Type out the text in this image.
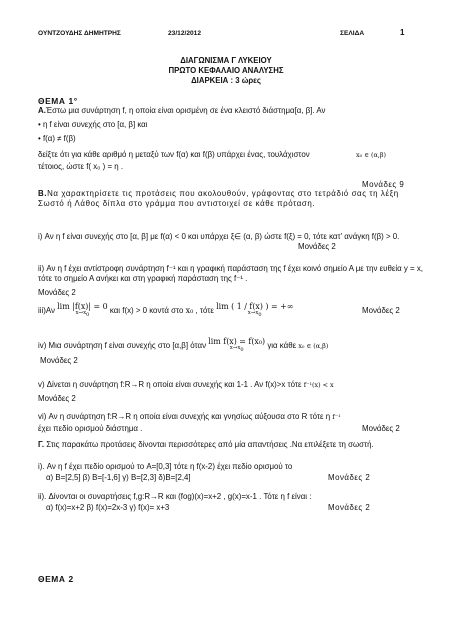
ΟΥΝΤΖΟΥΔΗΣ ΔΗΜΗΤΡΗΣ	23/12/2012	ΣΕΛΙΔΑ	1
ΔΙΑΓΩΝΙΣΜΑ Γ ΛΥΚΕΙΟΥ
ΠΡΩΤΟ ΚΕΦΑΛΑΙΟ ΑΝΑΛΥΣΗΣ
ΔΙΑΡΚΕΙΑ : 3 ώρες
ΘΕΜΑ 1°
Α.Έστω μια συνάρτηση f, η οποία είναι ορισμένη σε ένα κλειστό διάστημα[α, β]. Αν
• η f είναι συνεχής στο [α, β] και
• f(α) ≠ f(β)
δείξτε ότι για κάθε αριθμό η μεταξύ των f(α) και f(β) υπάρχει ένας, τουλάχιστον	x₀ ∈ (α,β)
τέτοιος, ώστε f( x₀ ) = η .
Μονάδες 9
Β.Να χαρακτηρίσετε τις προτάσεις που ακολουθούν, γράφοντας στο τετράδιό σας τη λέξη Σωστό ή Λάθος δίπλα στο γράμμα που αντιστοιχεί σε κάθε πρόταση.
i) Αν η f είναι συνεχής στο [α, β] με f(α) < 0 και υπάρχει ξ∈ (α, β) ώστε f(ξ) = 0, τότε κατ’ ανάγκη f(β) > 0.
Μονάδες 2
ii) Αν η f έχει αντίστροφη συνάρτηση f⁻¹ και η γραφική παράσταση της f έχει κοινό σημείο Α με την ευθεία y = x, τότε το σημείο Α ανήκει και στη γραφική παράσταση της f⁻¹ .
Μονάδες 2
iii)Αν lim |f(x)| = 0
x→x0	και f(x) > 0 κοντά στο x₀ , τότε lim ( 1 / f(x) ) = +∞
x→x0	Μονάδες 2
iv) Μια συνάρτηση f είναι συνεχής στο [α,β] όταν lim f(x) = f(x₀)
x→x0	για κάθε x₀ ∈ (α,β)
Μονάδες 2
v) Δίνεται η συνάρτηση f:R→R η οποία είναι συνεχής και 1-1 . Αν f(x)>x τότε f⁻¹(x) < x
Μονάδες 2
vi) Αν η συνάρτηση f:R→R η οποία είναι συνεχής και γνησίως αύξουσα στο R τότε η f⁻¹
έχει πεδίο ορισμού διάστημα .	Μονάδες 2
Γ. Στις παρακάτω προτάσεις δίνονται περισσότερες από μία απαντήσεις .Να επιλέξετε τη σωστή.
i). Αν η f έχει πεδίο ορισμού το A=[0,3] τότε η f(x-2) έχει πεδίο ορισμού το
α) B=[2,5] β) B=[-1,6] γ) B=[2,3] δ)B=[2,4]	Μονάδες 2
ii). Δίνονται οι συναρτήσεις f,g:R→R και (fog)(x)=x+2 , g(x)=x-1 . Τότε η f είναι :
α) f(x)=x+2 β) f(x)=2x-3 γ) f(x)= x+3	Μονάδες 2
ΘΕΜΑ 2
